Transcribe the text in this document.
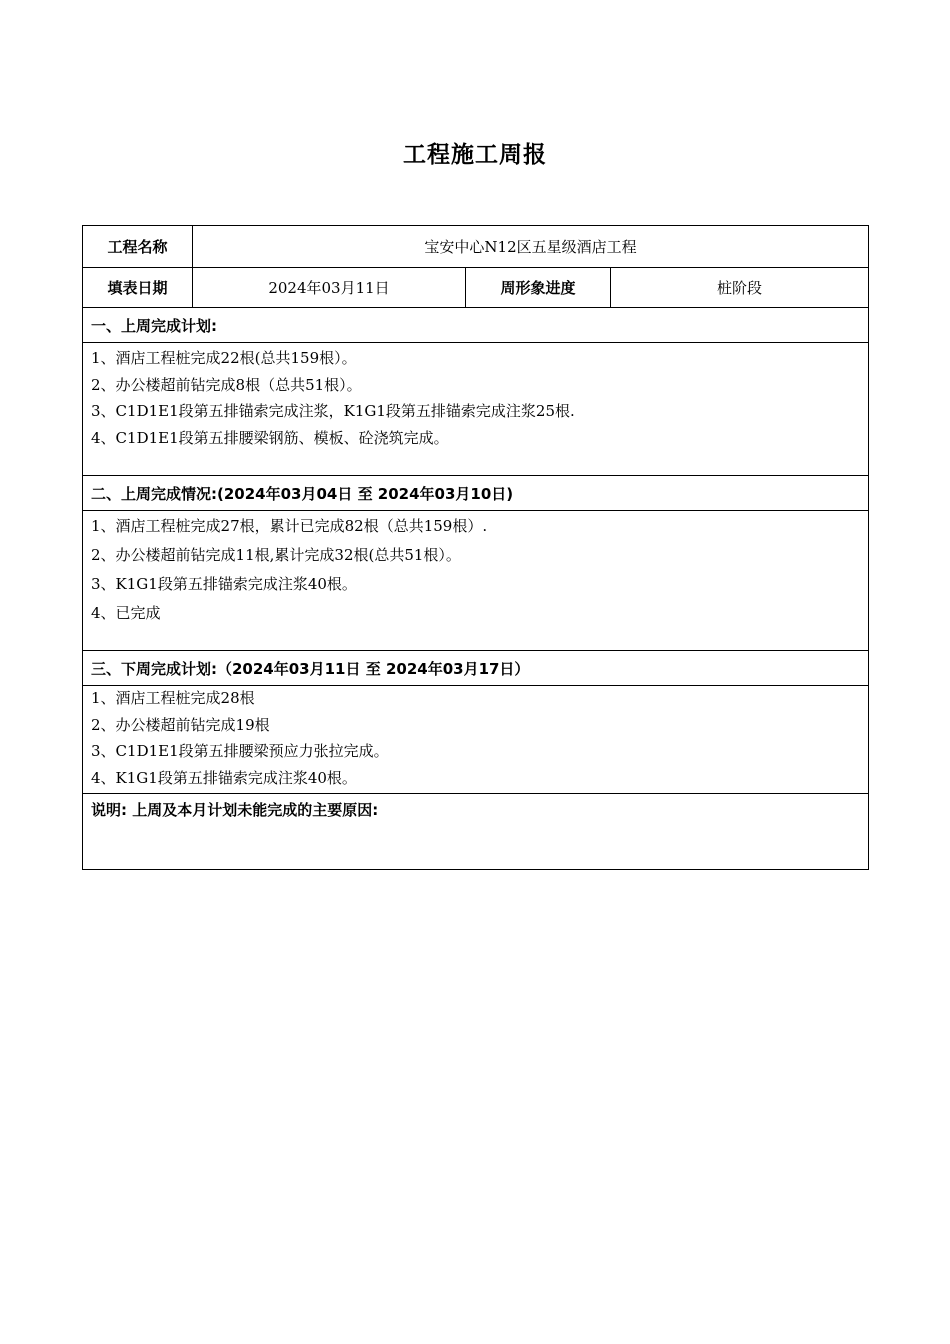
工程施工周报
工程名称	宝安中心N12区五星级酒店工程		
填表日期	2024年03月11日	周形象进度	桩阶段
一、上周完成计划:			

1、酒店工程桩完成22根(总共159根）。
2、办公楼超前钻完成8根（总共51根）。
3、C1D1E1段第五排锚索完成注浆，K1G1段第五排锚索完成注浆25根.
4、C1D1E1段第五排腰梁钢筋、模板、砼浇筑完成。			

二、上周完成情况:(2024年03月04日 至 2024年03月10日)			

1、酒店工程桩完成27根，累计已完成82根（总共159根）.
2、办公楼超前钻完成11根,累计完成32根(总共51根）。
3、K1G1段第五排锚索完成注浆40根。
4、已完成			

三、下周完成计划:（2024年03月11日 至 2024年03月17日）			

1、酒店工程桩完成28根
2、办公楼超前钻完成19根
3、C1D1E1段第五排腰梁预应力张拉完成。
4、K1G1段第五排锚索完成注浆40根。			

说明: 上周及本月计划未能完成的主要原因:			
